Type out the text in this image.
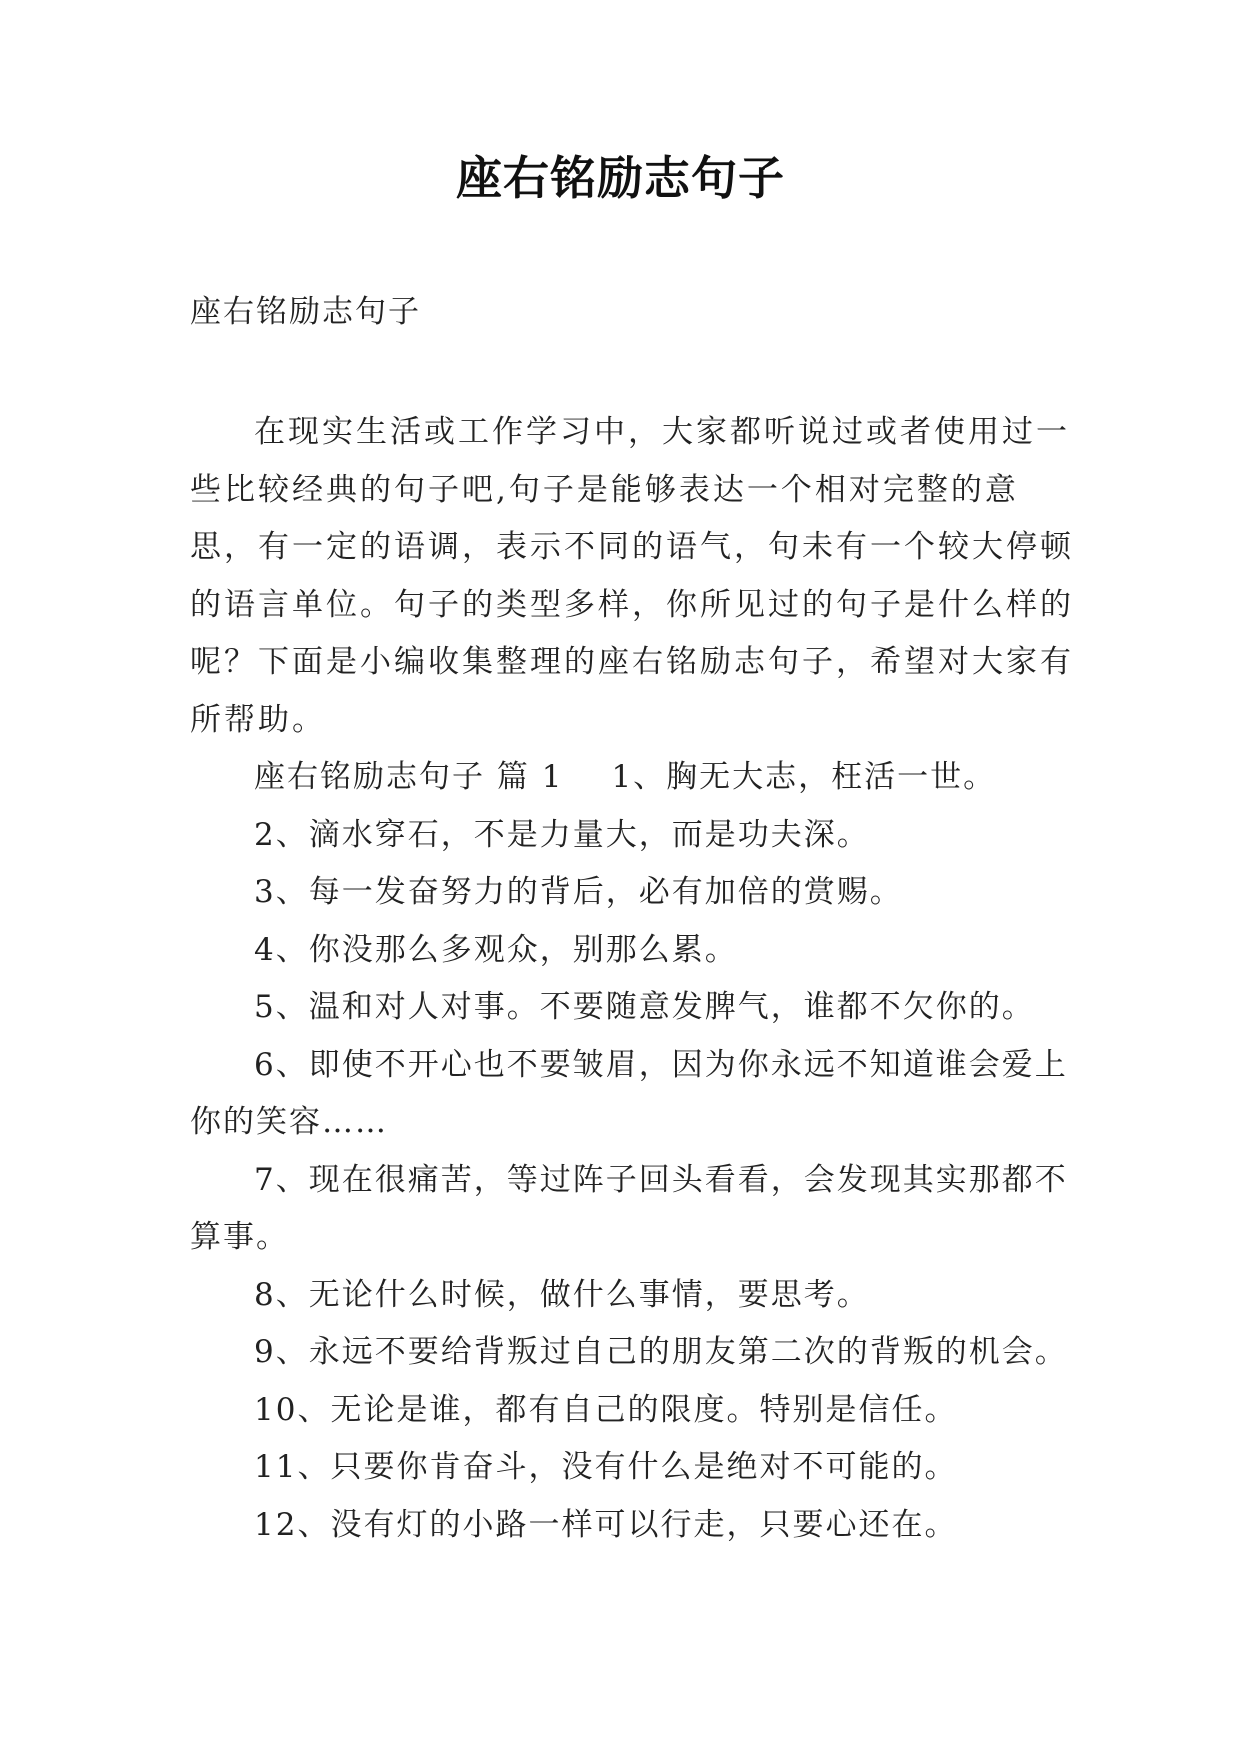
座右铭励志句子
座右铭励志句子

在现实生活或工作学习中，大家都听说过或者使用过一些比较经典的句子吧,句子是能够表达一个相对完整的意思，有一定的语调，表示不同的语气，句未有一个较大停顿的语言单位。句子的类型多样，你所见过的句子是什么样的呢？下面是小编收集整理的座右铭励志句子，希望对大家有所帮助。

座右铭励志句子 篇 1 1、胸无大志，枉活一世。

2、滴水穿石，不是力量大，而是功夫深。

3、每一发奋努力的背后，必有加倍的赏赐。

4、你没那么多观众，别那么累。

5、温和对人对事。不要随意发脾气，谁都不欠你的。

6、即使不开心也不要皱眉，因为你永远不知道谁会爱上你的笑容……

7、现在很痛苦，等过阵子回头看看，会发现其实那都不算事。

8、无论什么时候，做什么事情，要思考。

9、永远不要给背叛过自己的朋友第二次的背叛的机会。

10、无论是谁，都有自己的限度。特别是信任。

11、只要你肯奋斗，没有什么是绝对不可能的。

12、没有灯的小路一样可以行走，只要心还在。
